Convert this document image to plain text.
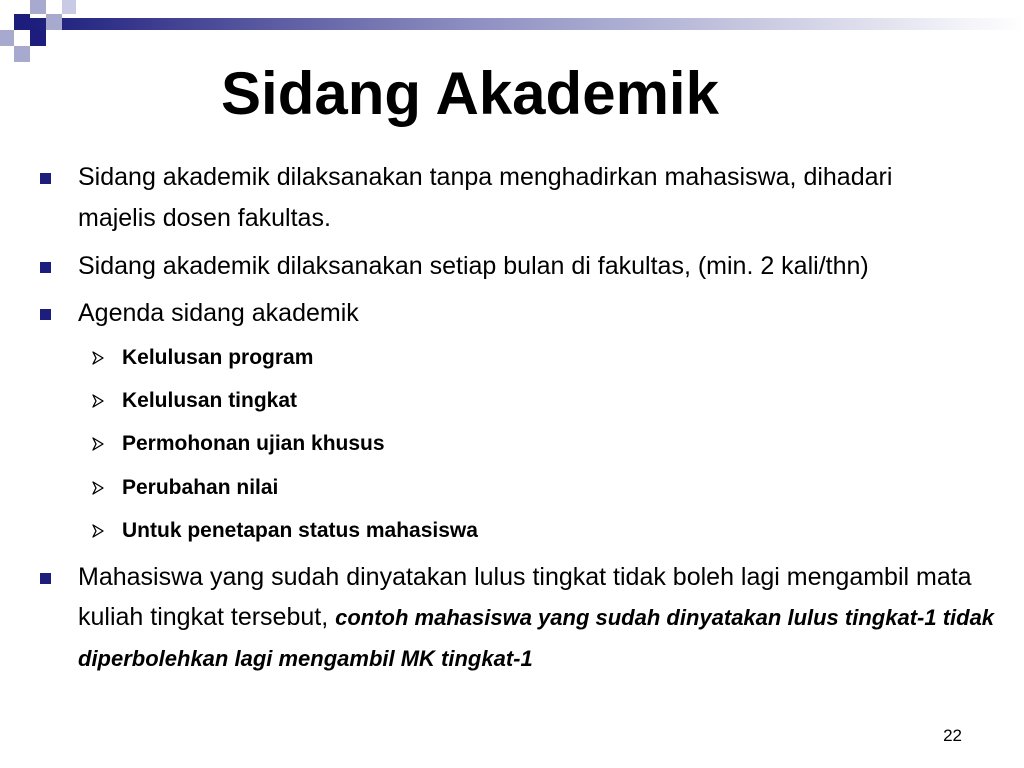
Sidang Akademik
Sidang akademik dilaksanakan tanpa menghadirkan mahasiswa, dihadari majelis dosen fakultas.
Sidang akademik dilaksanakan setiap bulan di fakultas, (min. 2 kali/thn)
Agenda sidang akademik
Kelulusan program
Kelulusan tingkat
Permohonan ujian khusus
Perubahan nilai
Untuk penetapan status mahasiswa
Mahasiswa yang sudah dinyatakan lulus tingkat tidak boleh lagi mengambil mata kuliah tingkat tersebut, contoh mahasiswa yang sudah dinyatakan lulus tingkat-1 tidak diperbolehkan lagi mengambil MK tingkat-1
22
